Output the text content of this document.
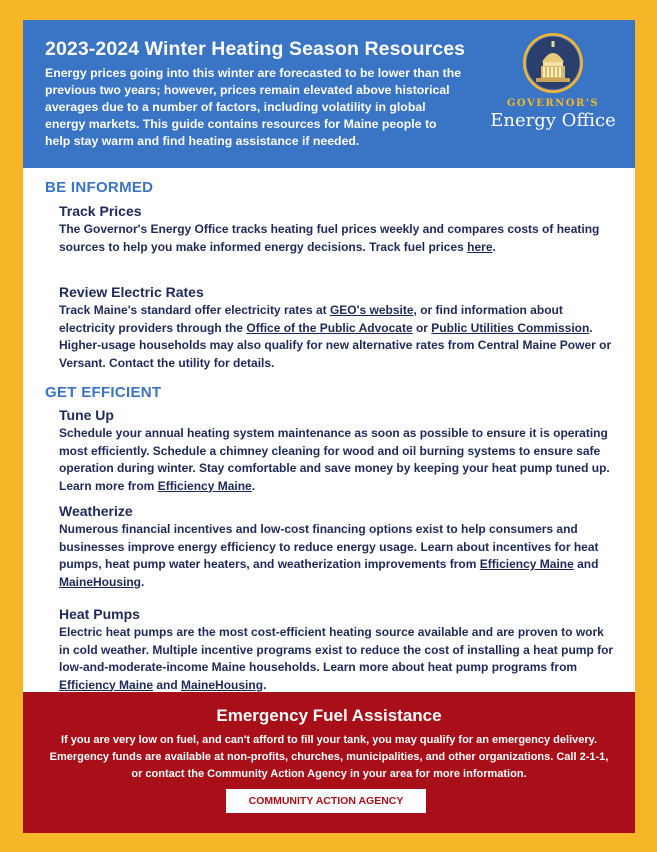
2023-2024 Winter Heating Season Resources

Energy prices going into this winter are forecasted to be lower than the previous two years; however, prices remain elevated above historical averages due to a number of factors, including volatility in global energy markets. This guide contains resources for Maine people to help stay warm and find heating assistance if needed.

GOVERNOR'S
Energy Office
BE INFORMED
Track Prices

The Governor's Energy Office tracks heating fuel prices weekly and compares costs of heating sources to help you make informed energy decisions. Track fuel prices here.

Review Electric Rates

Track Maine's standard offer electricity rates at GEO's website, or find information about electricity providers through the Office of the Public Advocate or Public Utilities Commission. Higher-usage households may also qualify for new alternative rates from Central Maine Power or Versant. Contact the utility for details.

GET EFFICIENT
Tune Up

Schedule your annual heating system maintenance as soon as possible to ensure it is operating most efficiently. Schedule a chimney cleaning for wood and oil burning systems to ensure safe operation during winter. Stay comfortable and save money by keeping your heat pump tuned up. Learn more from Efficiency Maine.

Weatherize

Numerous financial incentives and low-cost financing options exist to help consumers and businesses improve energy efficiency to reduce energy usage. Learn about incentives for heat pumps, heat pump water heaters, and weatherization improvements from Efficiency Maine and MaineHousing.

Heat Pumps

Electric heat pumps are the most cost-efficient heating source available and are proven to work in cold weather. Multiple incentive programs exist to reduce the cost of installing a heat pump for low-and-moderate-income Maine households. Learn more about heat pump programs from Efficiency Maine and MaineHousing.

Emergency Fuel Assistance

If you are very low on fuel, and can't afford to fill your tank, you may qualify for an emergency delivery. Emergency funds are available at non-profits, churches, municipalities, and other organizations. Call 2-1-1, or contact the Community Action Agency in your area for more information.

COMMUNITY ACTION AGENCY
